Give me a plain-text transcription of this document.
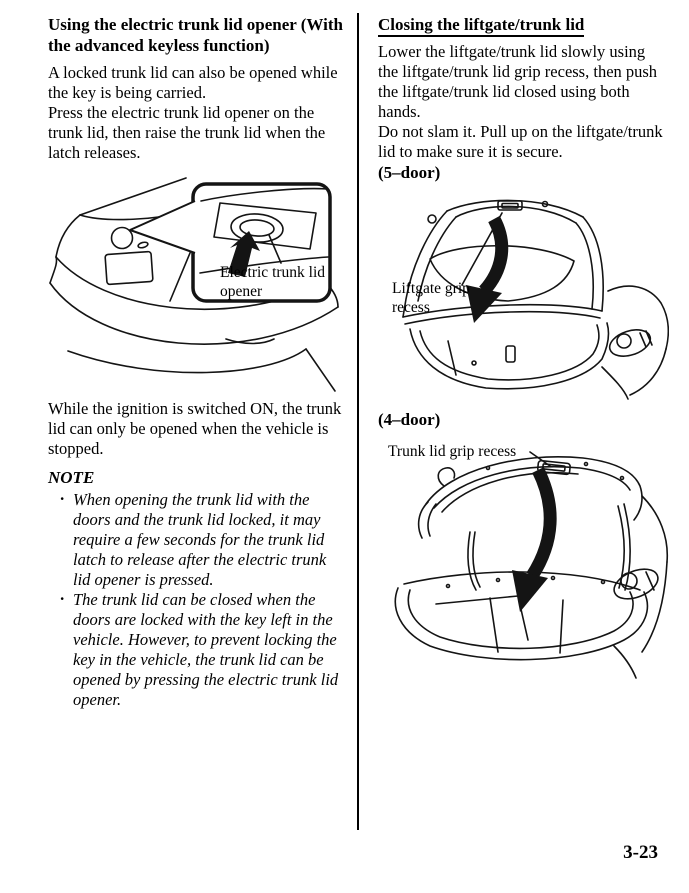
Using the electric trunk lid opener (With the advanced keyless function)

A locked trunk lid can also be opened while the key is being carried.

Press the electric trunk lid opener on the trunk lid, then raise the trunk lid when the latch releases.

Electric trunk lid opener

While the ignition is switched ON, the trunk lid can only be opened when the vehicle is stopped.

NOTE
· When opening the trunk lid with the doors and the trunk lid locked, it may require a few seconds for the trunk lid latch to release after the electric trunk lid opener is pressed.
· The trunk lid can be closed when the doors are locked with the key left in the vehicle. However, to prevent locking the key in the vehicle, the trunk lid can be opened by pressing the electric trunk lid opener.
Closing the liftgate/trunk lid

Lower the liftgate/trunk lid slowly using the liftgate/trunk lid grip recess, then push the liftgate/trunk lid closed using both hands.

Do not slam it. Pull up on the liftgate/trunk lid to make sure it is secure.

(5–door)
Liftgate grip recess
(4–door)
Trunk lid grip recess
3-23
